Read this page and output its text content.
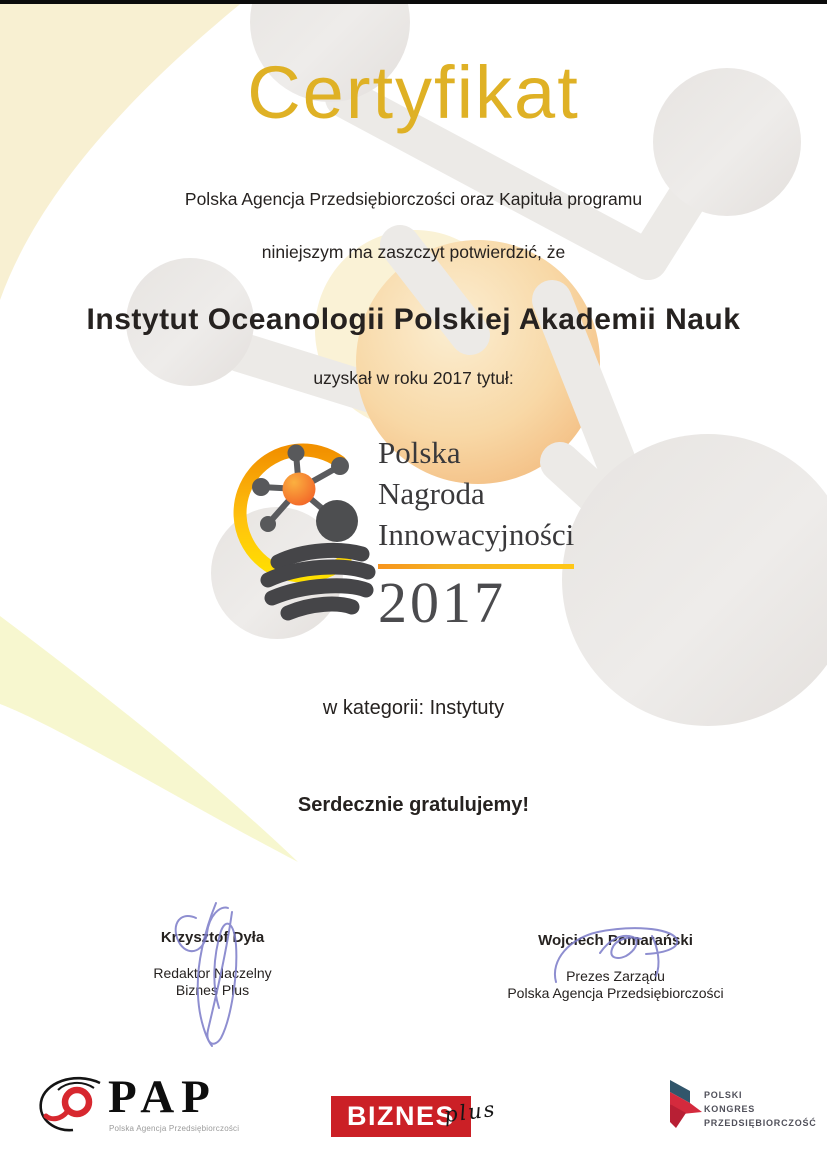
Certyfikat
Polska Agencja Przedsiębiorczości oraz Kapituła programu
niniejszym ma zaszczyt potwierdzić, że
Instytut Oceanologii Polskiej Akademii Nauk
uzyskał w roku 2017 tytuł:
Polska
Nagroda
Innowacyjności
2017
w kategorii: Instytuty
Serdecznie gratulujemy!
Krzysztof Dyła
Redaktor Naczelny
Biznes Plus
Wojciech Pomarański
Prezes Zarządu
Polska Agencja Przedsiębiorczości
PAP
Polska Agencja Przedsiębiorczości	BIZNES
plus
POLSKI
KONGRES
PRZEDSIĘBIORCZOŚĆ
